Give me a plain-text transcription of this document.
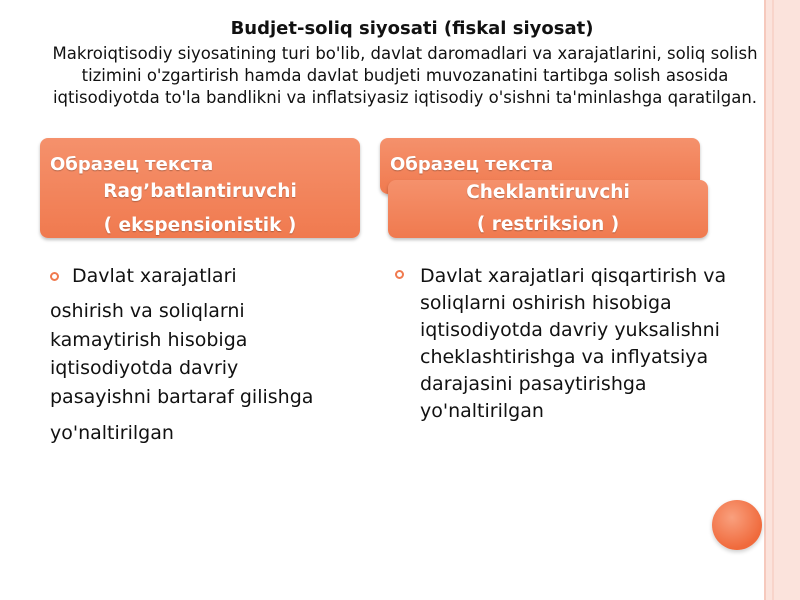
Budjet-soliq siyosati (fiskal siyosat)
Makroiqtisodiy siyosatining turi bo'lib, davlat daromadlari va xarajatlarini, soliq solish tizimini o'zgartirish hamda davlat budjeti muvozanatini tartibga solish asosida iqtisodiyotda to'la bandlikni va inflatsiyasiz iqtisodiy o'sishni ta'minlashga qaratilgan.
Образец текста
Rag’batlantiruvchi
( ekspensionistik )
Образец текста
Cheklantiruvchi
( restriksion )
Davlat xarajatlari
oshirish va soliqlarni
kamaytirish hisobiga
iqtisodiyotda davriy
pasayishni bartaraf gilishga
yo'naltirilgan
Davlat xarajatlari qisqartirish va
soliqlarni oshirish hisobiga
iqtisodiyotda davriy yuksalishni
cheklashtirishga va inflyatsiya
darajasini pasaytirishga
yo'naltirilgan
